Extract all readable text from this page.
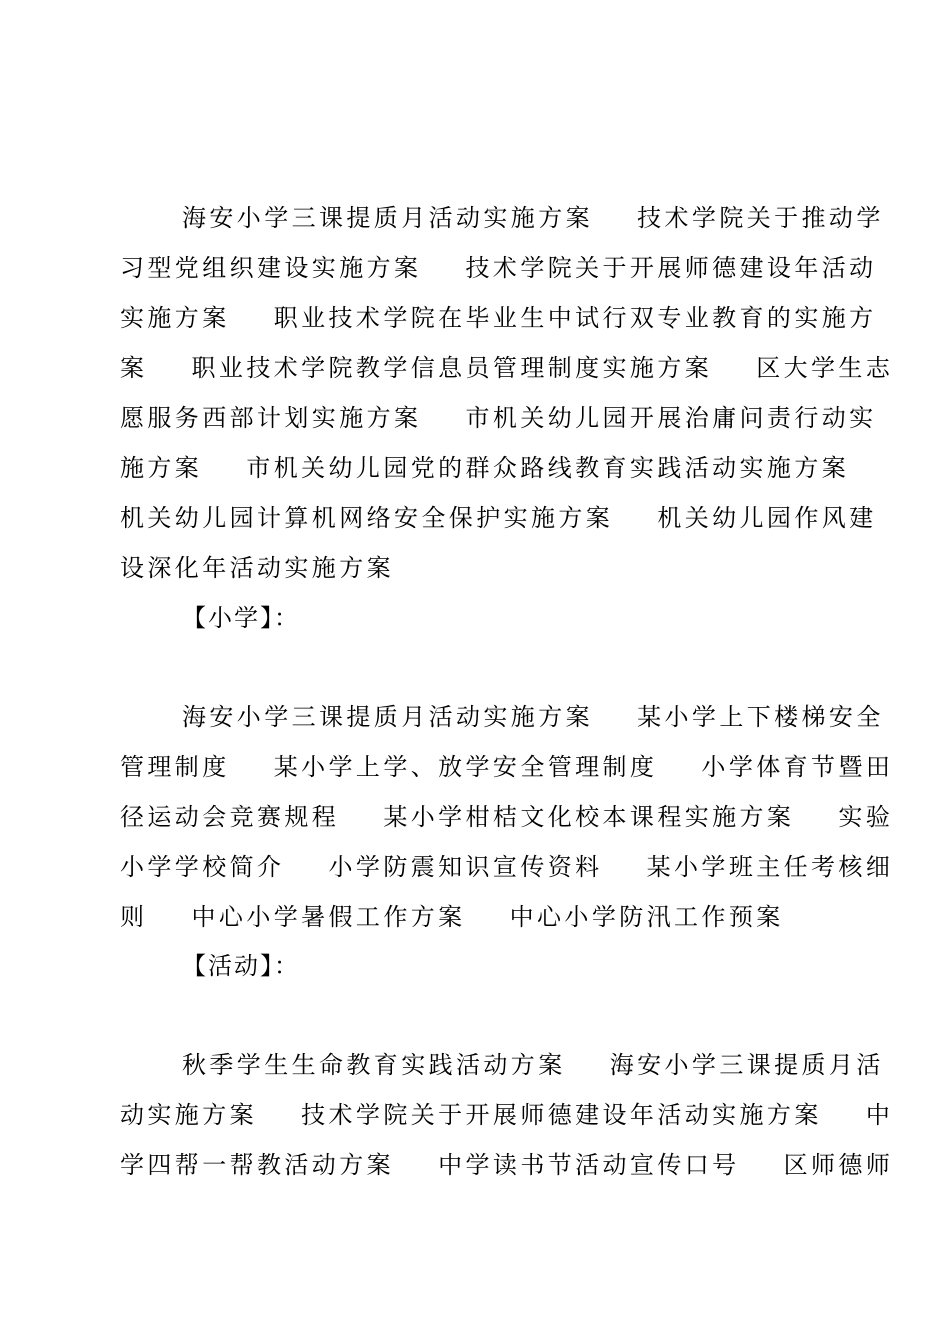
海安小学三课提质月活动实施方案    技术学院关于推动学
习型党组织建设实施方案    技术学院关于开展师德建设年活动
实施方案    职业技术学院在毕业生中试行双专业教育的实施方
案    职业技术学院教学信息员管理制度实施方案    区大学生志
愿服务西部计划实施方案    市机关幼儿园开展治庸问责行动实
施方案    市机关幼儿园党的群众路线教育实践活动实施方案
机关幼儿园计算机网络安全保护实施方案    机关幼儿园作风建
设深化年活动实施方案
【小学】：
海安小学三课提质月活动实施方案    某小学上下楼梯安全
管理制度    某小学上学、放学安全管理制度    小学体育节暨田
径运动会竞赛规程    某小学柑桔文化校本课程实施方案    实验
小学学校简介    小学防震知识宣传资料    某小学班主任考核细
则    中心小学暑假工作方案    中心小学防汛工作预案
【活动】：
秋季学生生命教育实践活动方案    海安小学三课提质月活
动实施方案    技术学院关于开展师德建设年活动实施方案    中
学四帮一帮教活动方案    中学读书节活动宣传口号    区师德师
